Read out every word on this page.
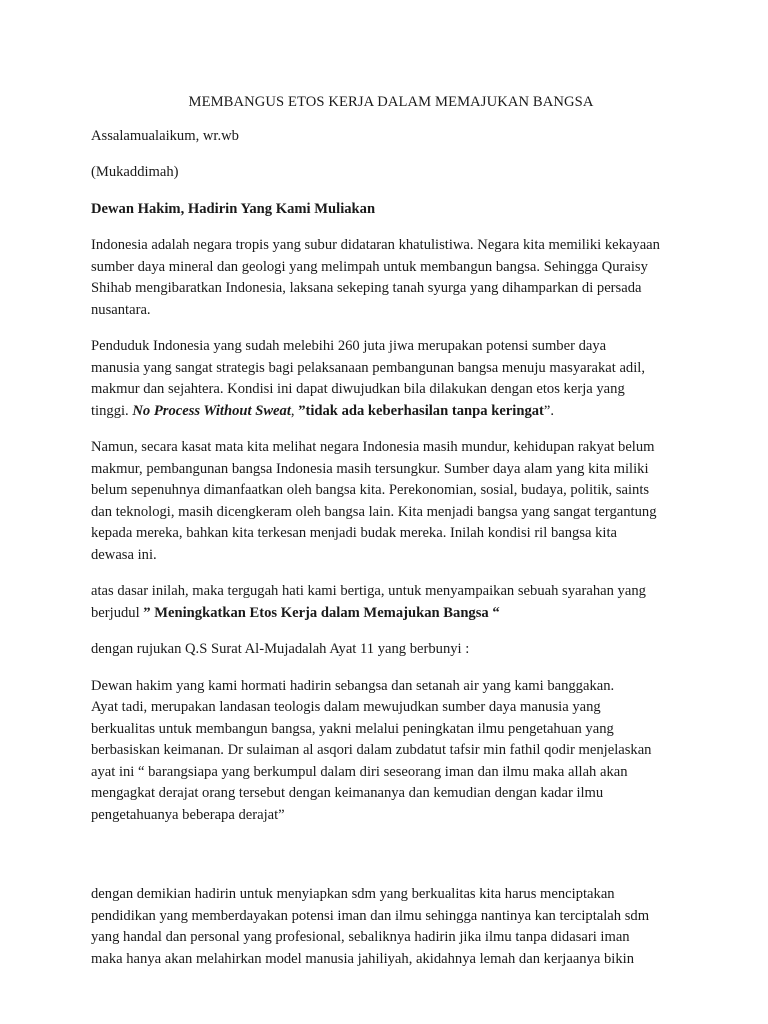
MEMBANGUS ETOS KERJA DALAM MEMAJUKAN BANGSA

Assalamualaikum, wr.wb

(Mukaddimah)

Dewan Hakim, Hadirin Yang Kami Muliakan

Indonesia adalah negara tropis yang subur didataran khatulistiwa. Negara kita memiliki kekayaan
sumber daya mineral dan geologi yang melimpah untuk membangun bangsa. Sehingga Quraisy
Shihab mengibaratkan Indonesia, laksana sekeping tanah syurga yang dihamparkan di persada
nusantara.

Penduduk Indonesia yang sudah melebihi 260 juta jiwa merupakan potensi sumber daya
manusia yang sangat strategis bagi pelaksanaan pembangunan bangsa menuju masyarakat adil,
makmur dan sejahtera. Kondisi ini dapat diwujudkan bila dilakukan dengan etos kerja yang
tinggi. No Process Without Sweat, ”tidak ada keberhasilan tanpa keringat”.

Namun, secara kasat mata kita melihat negara Indonesia masih mundur, kehidupan rakyat belum
makmur, pembangunan bangsa Indonesia masih tersungkur. Sumber daya alam yang kita miliki
belum sepenuhnya dimanfaatkan oleh bangsa kita. Perekonomian, sosial, budaya, politik, saints
dan teknologi, masih dicengkeram oleh bangsa lain. Kita menjadi bangsa yang sangat tergantung
kepada mereka, bahkan kita terkesan menjadi budak mereka. Inilah kondisi ril bangsa kita
dewasa ini.

atas dasar inilah, maka tergugah hati kami bertiga, untuk menyampaikan sebuah syarahan yang
berjudul ” Meningkatkan Etos Kerja dalam Memajukan Bangsa “

dengan rujukan Q.S Surat Al-Mujadalah Ayat 11 yang berbunyi :

Dewan hakim yang kami hormati hadirin sebangsa dan setanah air yang kami banggakan.
Ayat tadi, merupakan landasan teologis dalam mewujudkan sumber daya manusia yang
berkualitas untuk membangun bangsa, yakni melalui peningkatan ilmu pengetahuan yang
berbasiskan keimanan. Dr sulaiman al asqori dalam zubdatut tafsir min fathil qodir menjelaskan
ayat ini “ barangsiapa yang berkumpul dalam diri seseorang iman dan ilmu maka allah akan
mengagkat derajat orang tersebut dengan keimananya dan kemudian dengan kadar ilmu
pengetahuanya beberapa derajat”

dengan demikian hadirin untuk menyiapkan sdm yang berkualitas kita harus menciptakan
pendidikan yang memberdayakan potensi iman dan ilmu sehingga nantinya kan terciptalah sdm
yang handal dan personal yang profesional, sebaliknya hadirin jika ilmu tanpa didasari iman
maka hanya akan melahirkan model manusia jahiliyah, akidahnya lemah dan kerjaanya bikin
